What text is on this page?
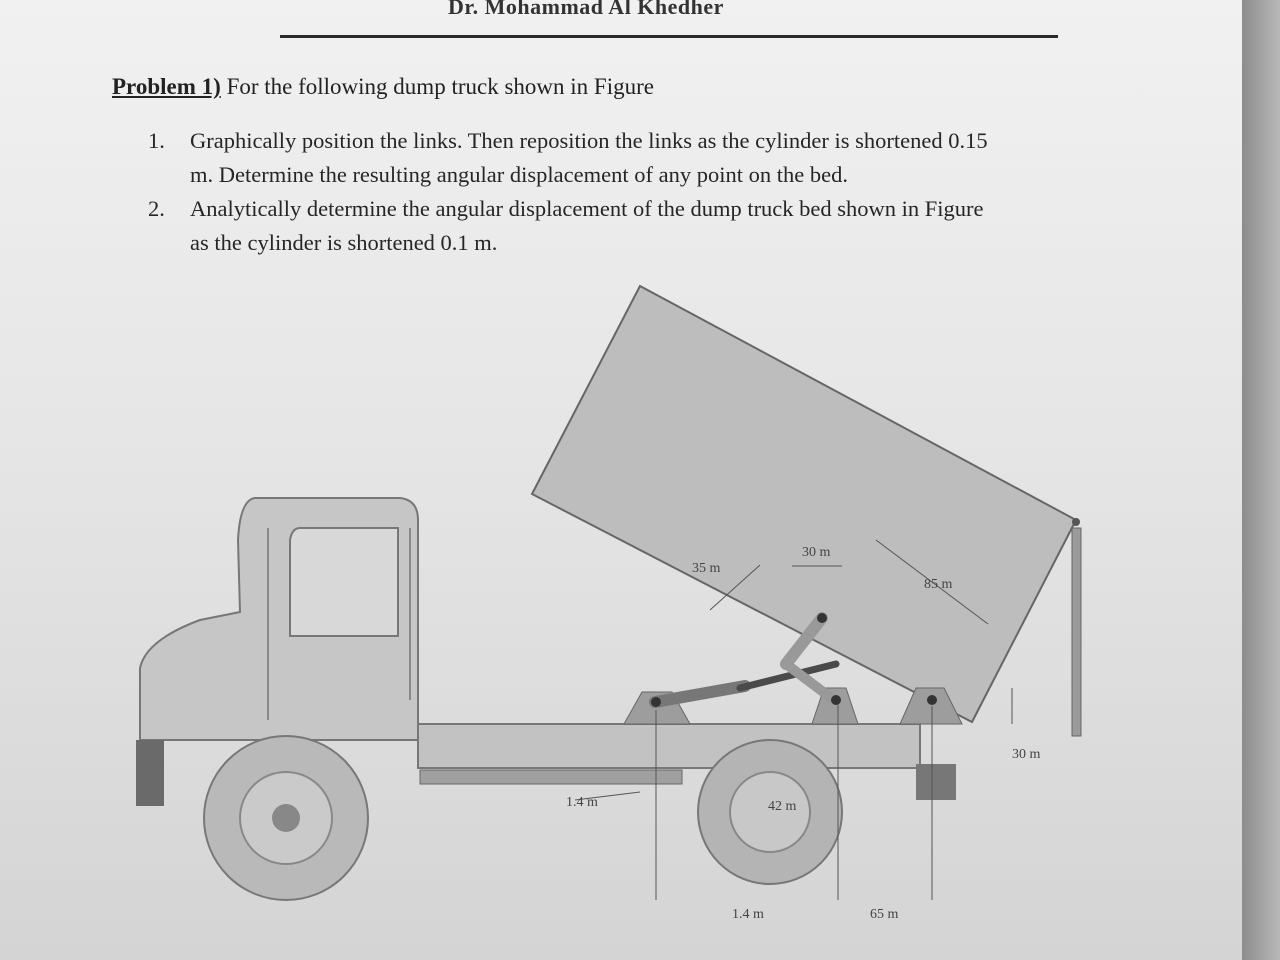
Dr. Mohammad Al Khedher
Problem 1) For the following dump truck shown in Figure
1. Graphically position the links. Then reposition the links as the cylinder is shortened 0.15
m. Determine the resulting angular displacement of any point on the bed.
2. Analytically determine the angular displacement of the dump truck bed shown in Figure
as the cylinder is shortened 0.1 m.
35 m
30 m
85 m
30 m
1.4 m	42 m
1.4 m	65 m
